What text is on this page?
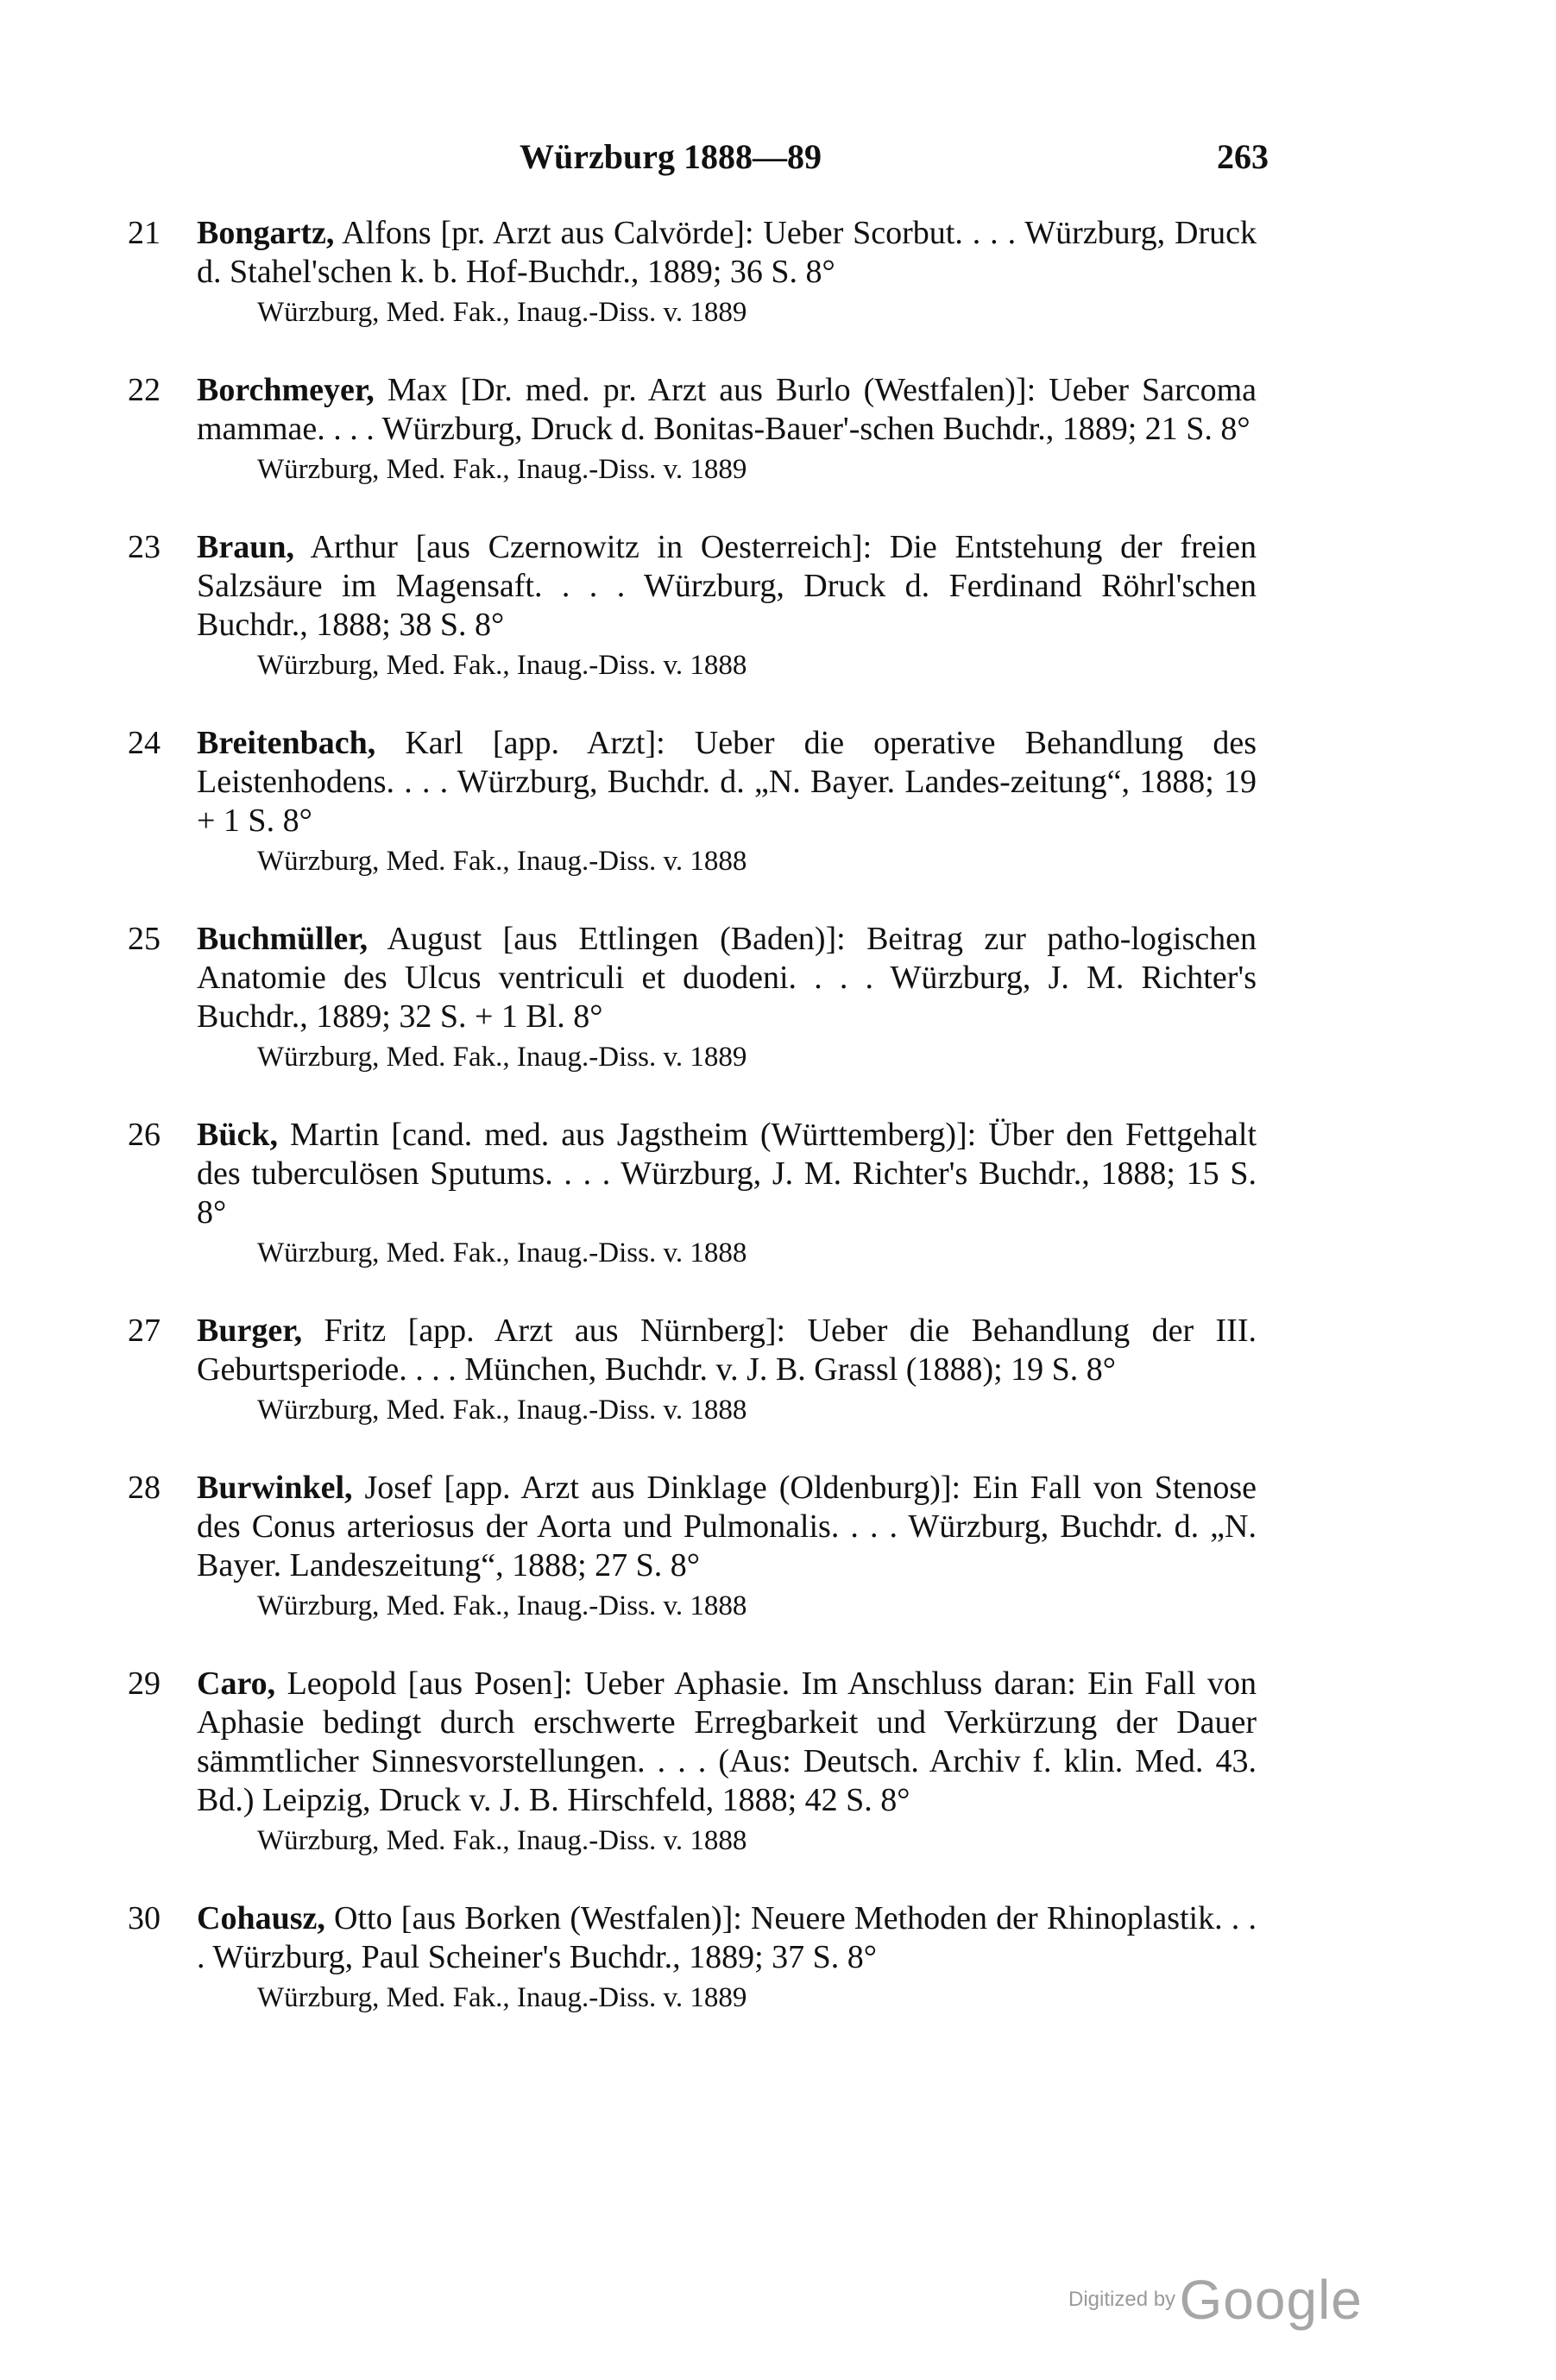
Würzburg 1888—89	263
21	Bongartz, Alfons [pr. Arzt aus Calvörde]: Ueber Scorbut. . . . Würzburg, Druck d. Stahel'schen k. b. Hof-Buchdr., 1889; 36 S. 8°
Würzburg, Med. Fak., Inaug.-Diss. v. 1889
22	Borchmeyer, Max [Dr. med. pr. Arzt aus Burlo (Westfalen)]: Ueber Sarcoma mammae. . . . Würzburg, Druck d. Bonitas-Bauer'-schen Buchdr., 1889; 21 S. 8°
Würzburg, Med. Fak., Inaug.-Diss. v. 1889
23	Braun, Arthur [aus Czernowitz in Oesterreich]: Die Entstehung der freien Salzsäure im Magensaft. . . . Würzburg, Druck d. Ferdinand Röhrl'schen Buchdr., 1888; 38 S. 8°
Würzburg, Med. Fak., Inaug.-Diss. v. 1888
24	Breitenbach, Karl [app. Arzt]: Ueber die operative Behandlung des Leistenhodens. . . . Würzburg, Buchdr. d. „N. Bayer. Landes-zeitung“, 1888; 19 + 1 S. 8°
Würzburg, Med. Fak., Inaug.-Diss. v. 1888
25	Buchmüller, August [aus Ettlingen (Baden)]: Beitrag zur patho-logischen Anatomie des Ulcus ventriculi et duodeni. . . . Würzburg, J. M. Richter's Buchdr., 1889; 32 S. + 1 Bl. 8°
Würzburg, Med. Fak., Inaug.-Diss. v. 1889
26	Bück, Martin [cand. med. aus Jagstheim (Württemberg)]: Über den Fettgehalt des tuberculösen Sputums. . . . Würzburg, J. M. Richter's Buchdr., 1888; 15 S. 8°
Würzburg, Med. Fak., Inaug.-Diss. v. 1888
27	Burger, Fritz [app. Arzt aus Nürnberg]: Ueber die Behandlung der III. Geburtsperiode. . . . München, Buchdr. v. J. B. Grassl (1888); 19 S. 8°
Würzburg, Med. Fak., Inaug.-Diss. v. 1888
28	Burwinkel, Josef [app. Arzt aus Dinklage (Oldenburg)]: Ein Fall von Stenose des Conus arteriosus der Aorta und Pulmonalis. . . . Würzburg, Buchdr. d. „N. Bayer. Landeszeitung“, 1888; 27 S. 8°
Würzburg, Med. Fak., Inaug.-Diss. v. 1888
29	Caro, Leopold [aus Posen]: Ueber Aphasie. Im Anschluss daran: Ein Fall von Aphasie bedingt durch erschwerte Erregbarkeit und Verkürzung der Dauer sämmtlicher Sinnesvorstellungen. . . . (Aus: Deutsch. Archiv f. klin. Med. 43. Bd.) Leipzig, Druck v. J. B. Hirschfeld, 1888; 42 S. 8°
Würzburg, Med. Fak., Inaug.-Diss. v. 1888
30	Cohausz, Otto [aus Borken (Westfalen)]: Neuere Methoden der Rhinoplastik. . . . Würzburg, Paul Scheiner's Buchdr., 1889; 37 S. 8°
Würzburg, Med. Fak., Inaug.-Diss. v. 1889
Digitized by Google
